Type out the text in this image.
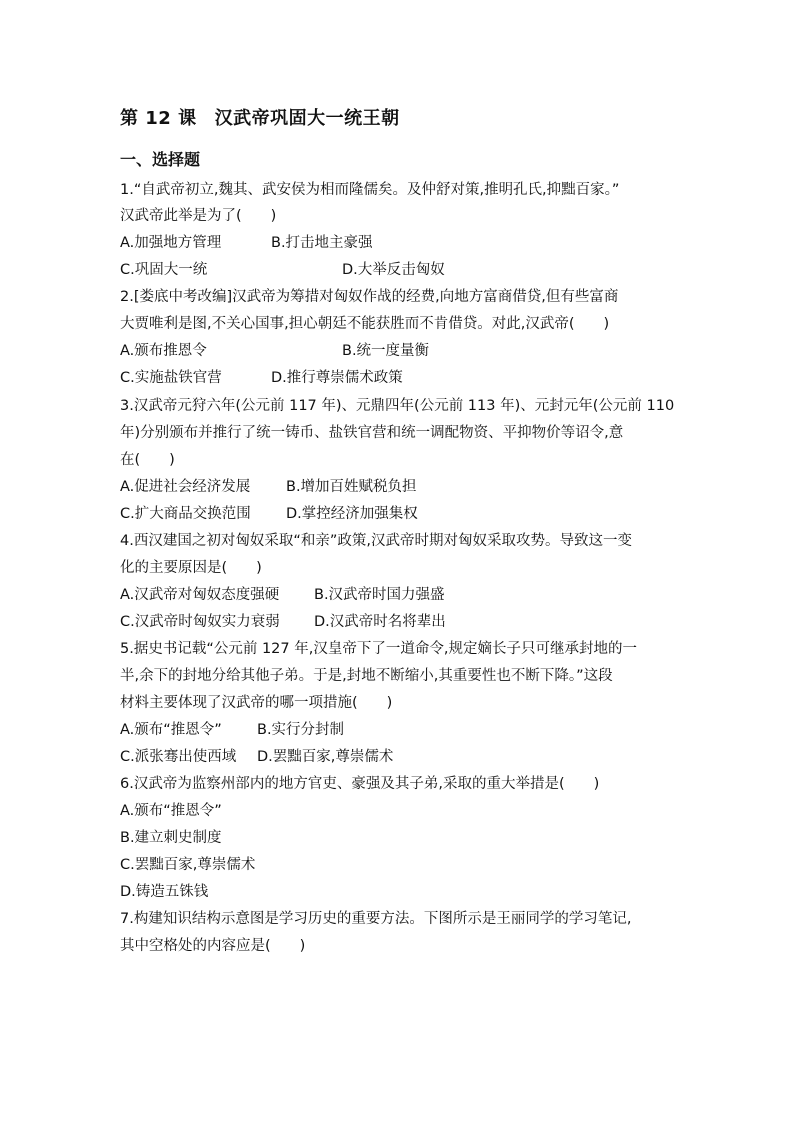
第 12 课 汉武帝巩固大一统王朝
一、选择题
1.“自武帝初立,魏其、武安侯为相而隆儒矣。及仲舒对策,推明孔氏,抑黜百家。”
汉武帝此举是为了(　　)
A.加强地方管理	B.打击地主豪强
C.巩固大一统	D.大举反击匈奴
2.[娄底中考改编]汉武帝为筹措对匈奴作战的经费,向地方富商借贷,但有些富商
大贾唯利是图,不关心国事,担心朝廷不能获胜而不肯借贷。对此,汉武帝(　　)
A.颁布推恩令	B.统一度量衡
C.实施盐铁官营	D.推行尊崇儒术政策
3.汉武帝元狩六年(公元前 117 年)、元鼎四年(公元前 113 年)、元封元年(公元前 110
年)分别颁布并推行了统一铸币、盐铁官营和统一调配物资、平抑物价等诏令,意
在(　　)
A.促进社会经济发展 B.增加百姓赋税负担
C.扩大商品交换范围 D.掌控经济加强集权
4.西汉建国之初对匈奴采取“和亲”政策,汉武帝时期对匈奴采取攻势。导致这一变
化的主要原因是(　　)
A.汉武帝对匈奴态度强硬 B.汉武帝时国力强盛
C.汉武帝时匈奴实力衰弱 D.汉武帝时名将辈出
5.据史书记载“公元前 127 年,汉皇帝下了一道命令,规定嫡长子只可继承封地的一
半,余下的封地分给其他子弟。于是,封地不断缩小,其重要性也不断下降。”这段
材料主要体现了汉武帝的哪一项措施(　　)
A.颁布“推恩令” B.实行分封制
C.派张骞出使西域 D.罢黜百家,尊崇儒术
6.汉武帝为监察州部内的地方官吏、豪强及其子弟,采取的重大举措是(　　)
A.颁布“推恩令”
B.建立刺史制度
C.罢黜百家,尊崇儒术
D.铸造五铢钱
7.构建知识结构示意图是学习历史的重要方法。下图所示是王丽同学的学习笔记,
其中空格处的内容应是(　　)
